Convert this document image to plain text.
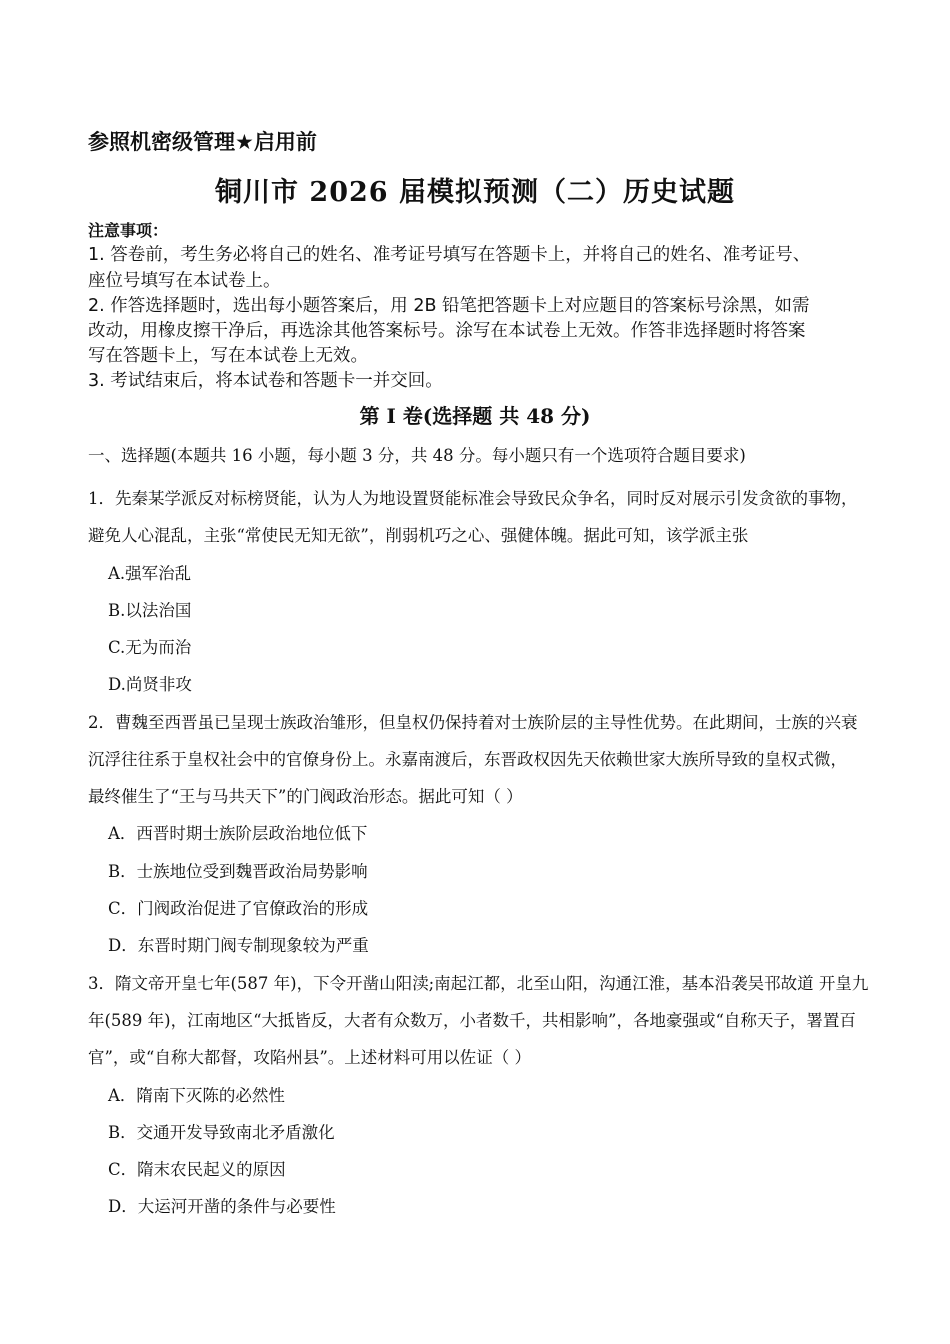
参照机密级管理★启用前
铜川市 2026 届模拟预测（二）历史试题
注意事项：
1. 答卷前，考生务必将自己的姓名、准考证号填写在答题卡上，并将自己的姓名、准考证号、
座位号填写在本试卷上。
2. 作答选择题时，选出每小题答案后，用 2B 铅笔把答题卡上对应题目的答案标号涂黑，如需
改动，用橡皮擦干净后，再选涂其他答案标号。涂写在本试卷上无效。作答非选择题时将答案
写在答题卡上，写在本试卷上无效。
3. 考试结束后，将本试卷和答题卡一并交回。
第 I 卷(选择题 共 48 分)
一、选择题(本题共 16 小题，每小题 3 分，共 48 分。每小题只有一个选项符合题目要求)
1．先秦某学派反对标榜贤能，认为人为地设置贤能标准会导致民众争名，同时反对展示引发贪欲的事物，
避免人心混乱，主张“常使民无知无欲”，削弱机巧之心、强健体魄。据此可知，该学派主张
A.强军治乱
B.以法治国
C.无为而治
D.尚贤非攻
2．曹魏至西晋虽已呈现士族政治雏形，但皇权仍保持着对士族阶层的主导性优势。在此期间，士族的兴衰
沉浮往往系于皇权社会中的官僚身份上。永嘉南渡后，东晋政权因先天依赖世家大族所导致的皇权式微，
最终催生了“王与马共天下”的门阀政治形态。据此可知（ ）
A．西晋时期士族阶层政治地位低下
B．士族地位受到魏晋政治局势影响
C．门阀政治促进了官僚政治的形成
D．东晋时期门阀专制现象较为严重
3．隋文帝开皇七年(587 年)，下令开凿山阳渎;南起江都，北至山阳，沟通江淮，基本沿袭吴邗故道 开皇九
年(589 年)，江南地区“大抵皆反，大者有众数万，小者数千，共相影响”，各地豪强或“自称天子，署置百
官”，或“自称大都督，攻陷州县”。上述材料可用以佐证（ ）
A．隋南下灭陈的必然性
B．交通开发导致南北矛盾激化
C．隋末农民起义的原因
D．大运河开凿的条件与必要性
